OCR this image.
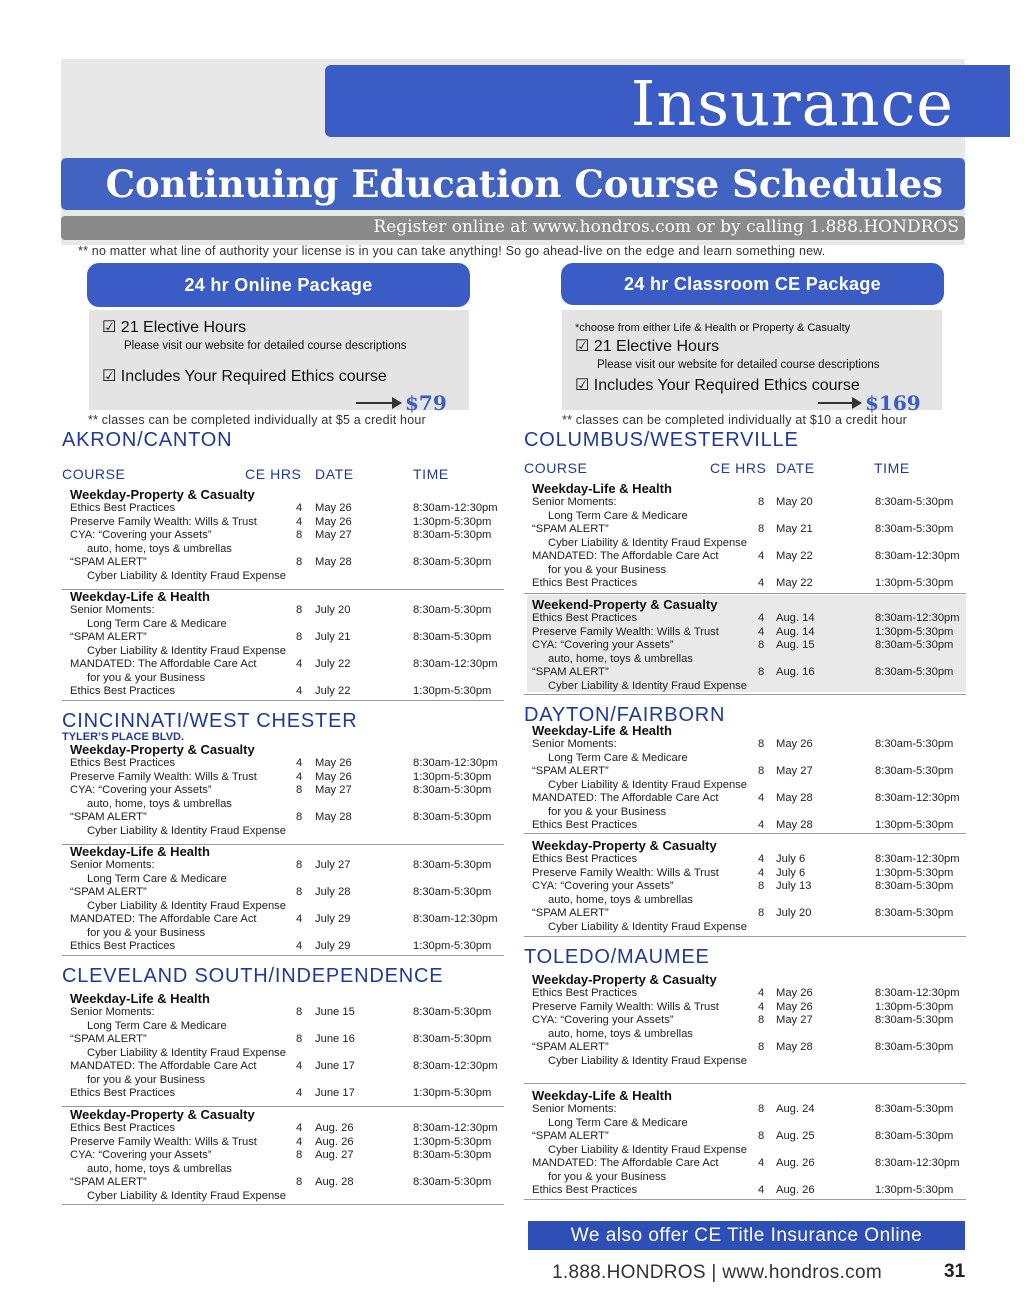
Insurance
Continuing Education Course Schedules
Register online at www.hondros.com or by calling 1.888.HONDROS
** no matter what line of authority your license is in you can take anything! So go ahead-live on the edge and learn something new.
24 hr Online Package
☑ 21 Elective Hours
Please visit our website for detailed course descriptions
☑ Includes Your Required Ethics course
$79
** classes can be completed individually at $5 a credit hour
24 hr Classroom CE Package
*choose from either Life & Health or Property & Casualty
☑ 21 Elective Hours
Please visit our website for detailed course descriptions
☑ Includes Your Required Ethics course
$169
** classes can be completed individually at $10 a credit hour
AKRON/CANTON
COURSE	CE HRS DATE	TIME
CINCINNATI/WEST CHESTER
TYLER’S PLACE BLVD.
CLEVELAND SOUTH/INDEPENDENCE
COLUMBUS/WESTERVILLE
COURSE	CE HRS DATE	TIME
DAYTON/FAIRBORN
TOLEDO/MAUMEE
Weekday-Property & Casualty
Ethics Best Practices	4 May 26	8:30am-12:30pm
Preserve Family Wealth: Wills & Trust	4 May 26	1:30pm-5:30pm
CYA: “Covering your Assets”	8 May 27	8:30am-5:30pm
auto, home, toys & umbrellas
“SPAM ALERT”	8 May 28	8:30am-5:30pm
Cyber Liability & Identity Fraud Expense
Weekday-Life & Health
Senior Moments:	8 July 20	8:30am-5:30pm
Long Term Care & Medicare
“SPAM ALERT”	8 July 21	8:30am-5:30pm
Cyber Liability & Identity Fraud Expense
MANDATED: The Affordable Care Act	4 July 22	8:30am-12:30pm
for you & your Business
Ethics Best Practices	4 July 22	1:30pm-5:30pm
Weekday-Property & Casualty
Ethics Best Practices	4 May 26	8:30am-12:30pm
Preserve Family Wealth: Wills & Trust	4 May 26	1:30pm-5:30pm
CYA: “Covering your Assets”	8 May 27	8:30am-5:30pm
auto, home, toys & umbrellas
“SPAM ALERT”	8 May 28	8:30am-5:30pm
Cyber Liability & Identity Fraud Expense
Weekday-Life & Health
Senior Moments:	8 July 27	8:30am-5:30pm
Long Term Care & Medicare
“SPAM ALERT”	8 July 28	8:30am-5:30pm
Cyber Liability & Identity Fraud Expense
MANDATED: The Affordable Care Act	4 July 29	8:30am-12:30pm
for you & your Business
Ethics Best Practices	4 July 29	1:30pm-5:30pm
Weekday-Life & Health
Senior Moments:	8 June 15	8:30am-5:30pm
Long Term Care & Medicare
“SPAM ALERT”	8 June 16	8:30am-5:30pm
Cyber Liability & Identity Fraud Expense
MANDATED: The Affordable Care Act	4 June 17	8:30am-12:30pm
for you & your Business
Ethics Best Practices	4 June 17	1:30pm-5:30pm
Weekday-Property & Casualty
Ethics Best Practices	4 Aug. 26	8:30am-12:30pm
Preserve Family Wealth: Wills & Trust	4 Aug. 26	1:30pm-5:30pm
CYA: “Covering your Assets”	8 Aug. 27	8:30am-5:30pm
auto, home, toys & umbrellas
“SPAM ALERT”	8 Aug. 28	8:30am-5:30pm
Cyber Liability & Identity Fraud Expense
Weekday-Life & Health
Senior Moments:	8 May 20	8:30am-5:30pm
Long Term Care & Medicare
“SPAM ALERT”	8 May 21	8:30am-5:30pm
Cyber Liability & Identity Fraud Expense
MANDATED: The Affordable Care Act	4 May 22	8:30am-12:30pm
for you & your Business
Ethics Best Practices	4 May 22	1:30pm-5:30pm
Weekend-Property & Casualty
Ethics Best Practices	4 Aug. 14	8:30am-12:30pm
Preserve Family Wealth: Wills & Trust	4 Aug. 14	1:30pm-5:30pm
CYA: “Covering your Assets”	8 Aug. 15	8:30am-5:30pm
auto, home, toys & umbrellas
“SPAM ALERT”	8 Aug. 16	8:30am-5:30pm
Cyber Liability & Identity Fraud Expense
Weekday-Life & Health
Senior Moments:	8 May 26	8:30am-5:30pm
Long Term Care & Medicare
“SPAM ALERT”	8 May 27	8:30am-5:30pm
Cyber Liability & Identity Fraud Expense
MANDATED: The Affordable Care Act	4 May 28	8:30am-12:30pm
for you & your Business
Ethics Best Practices	4 May 28	1:30pm-5:30pm
Weekday-Property & Casualty
Ethics Best Practices	4 July 6	8:30am-12:30pm
Preserve Family Wealth: Wills & Trust	4 July 6	1:30pm-5:30pm
CYA: “Covering your Assets”	8 July 13	8:30am-5:30pm
auto, home, toys & umbrellas
“SPAM ALERT”	8 July 20	8:30am-5:30pm
Cyber Liability & Identity Fraud Expense
Weekday-Property & Casualty
Ethics Best Practices	4 May 26	8:30am-12:30pm
Preserve Family Wealth: Wills & Trust	4 May 26	1:30pm-5:30pm
CYA: “Covering your Assets”	8 May 27	8:30am-5:30pm
auto, home, toys & umbrellas
“SPAM ALERT”	8 May 28	8:30am-5:30pm
Cyber Liability & Identity Fraud Expense
Weekday-Life & Health
Senior Moments:	8 Aug. 24	8:30am-5:30pm
Long Term Care & Medicare
“SPAM ALERT”	8 Aug. 25	8:30am-5:30pm
Cyber Liability & Identity Fraud Expense
MANDATED: The Affordable Care Act	4 Aug. 26	8:30am-12:30pm
for you & your Business
Ethics Best Practices	4 Aug. 26	1:30pm-5:30pm
We also offer CE Title Insurance Online
1.888.HONDROS | www.hondros.com	31
